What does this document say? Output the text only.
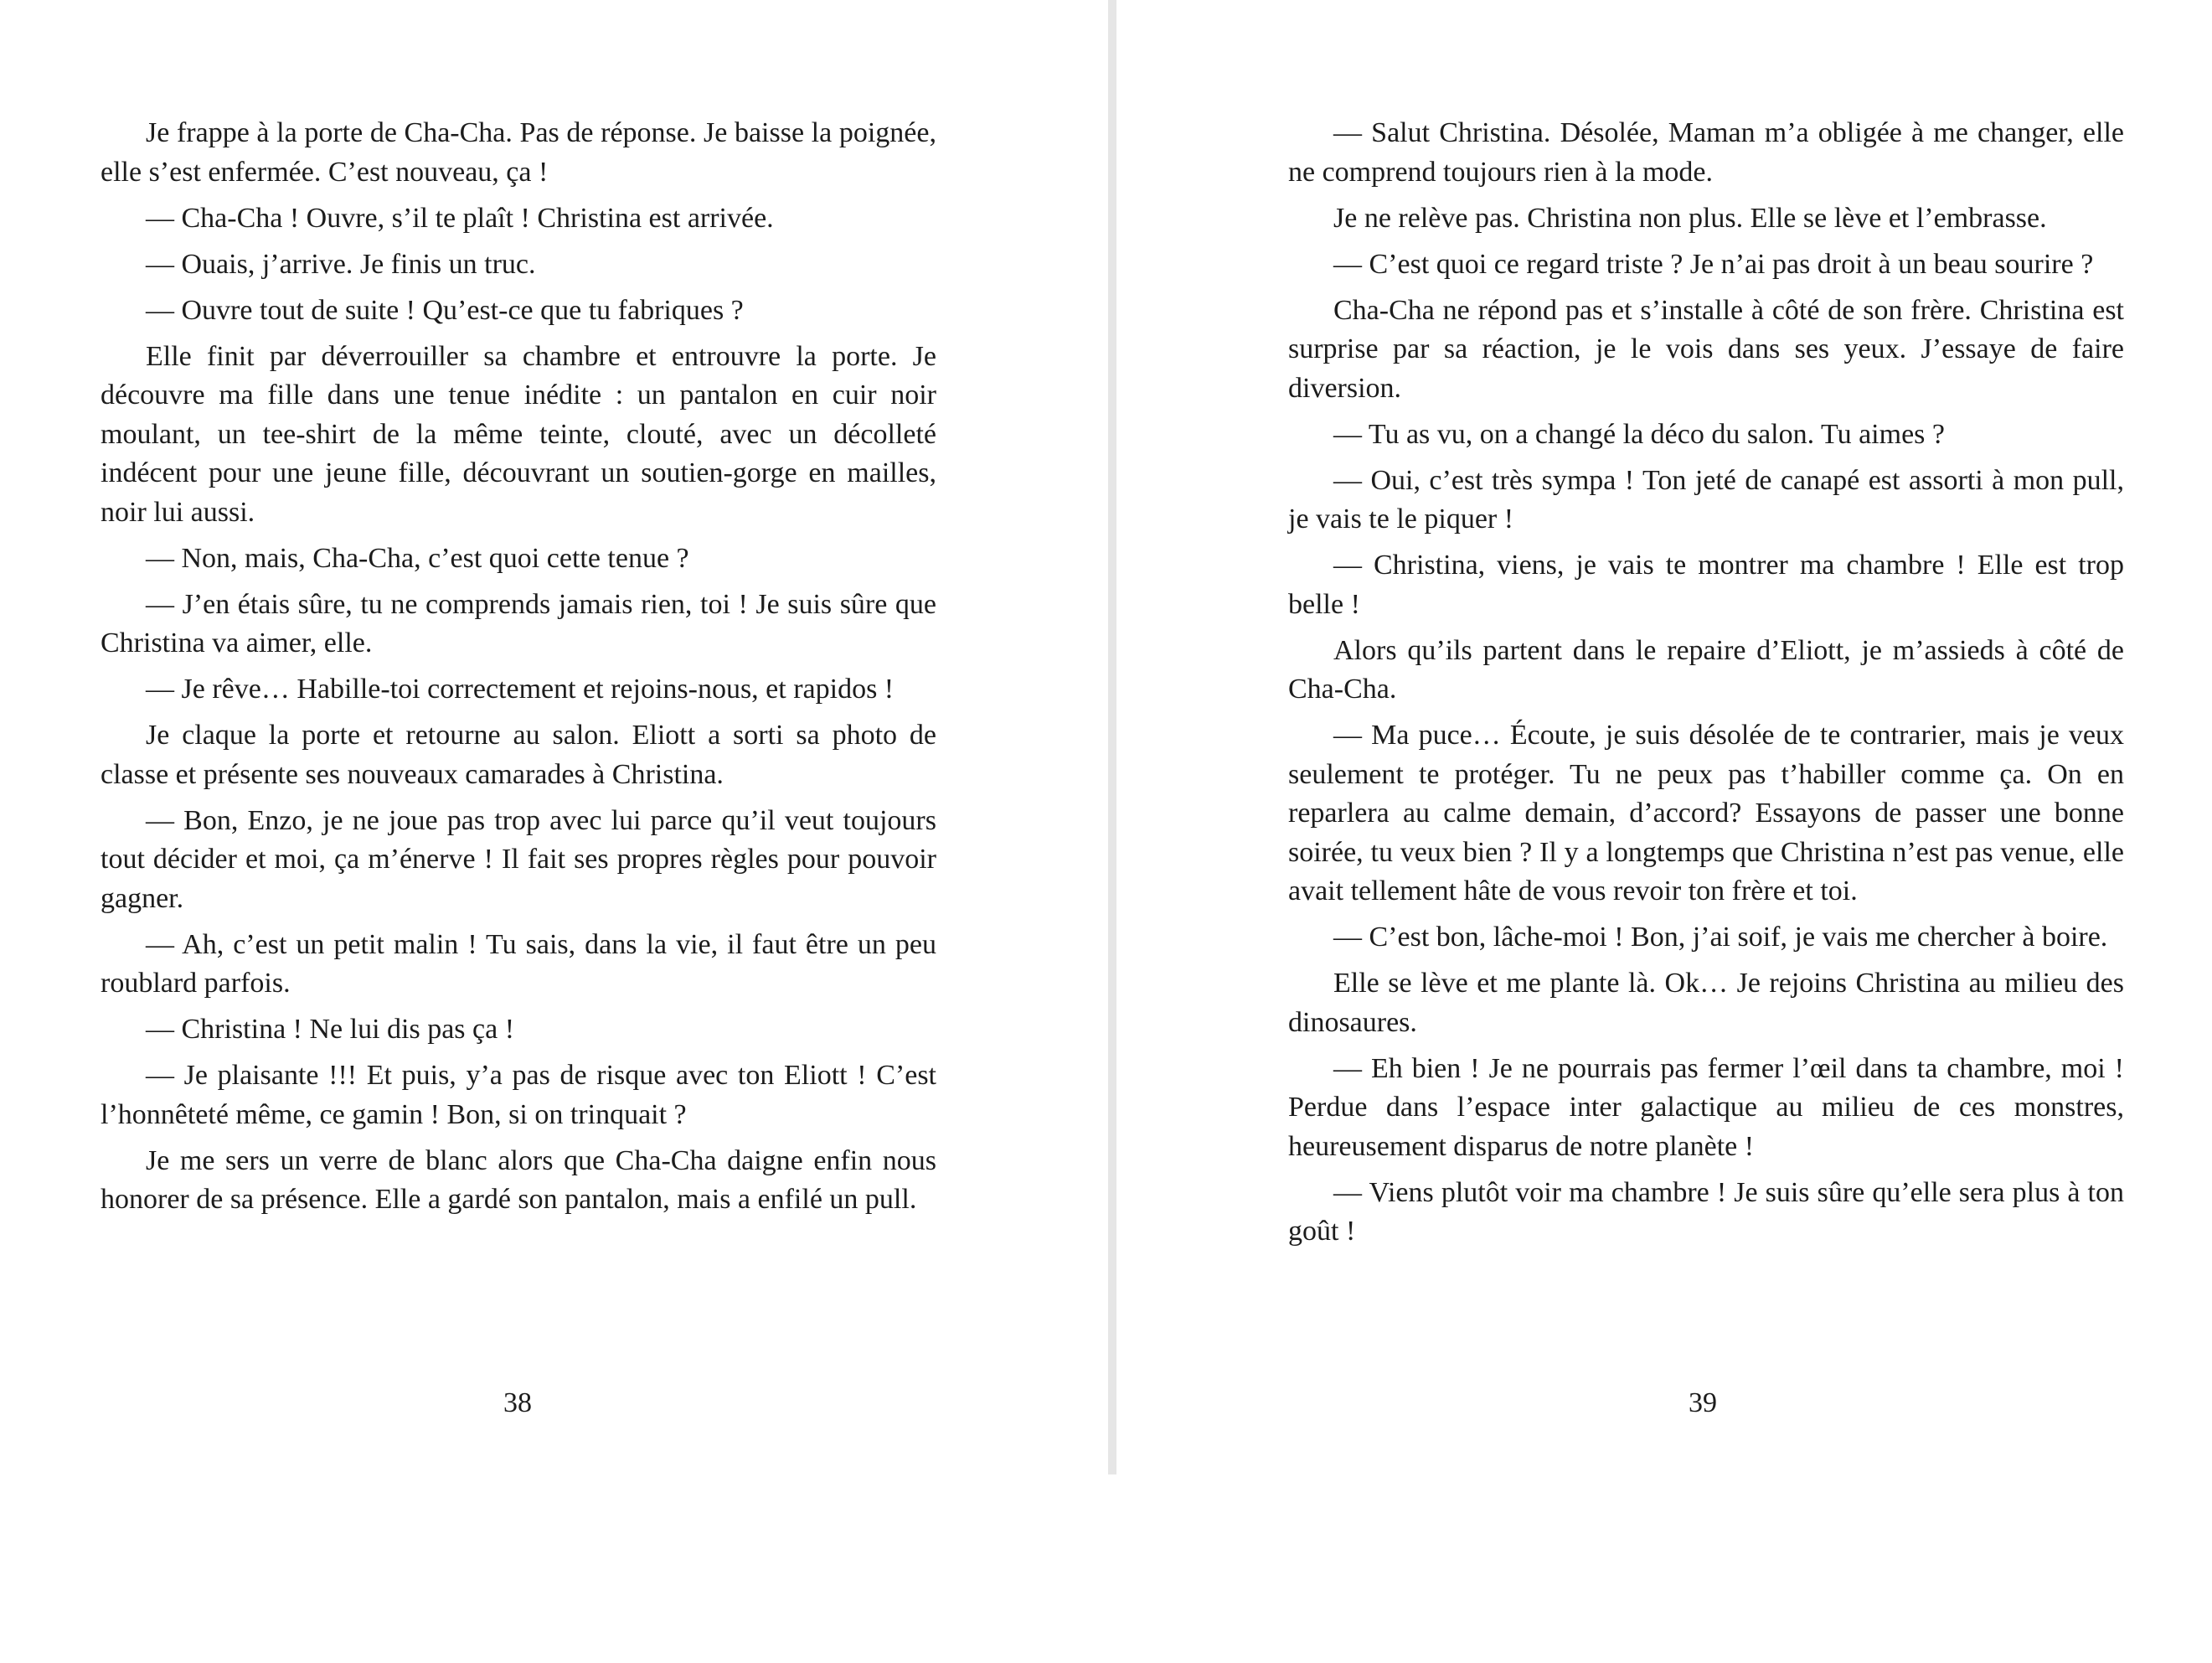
Je frappe à la porte de Cha-Cha. Pas de réponse. Je baisse la poignée, elle s’est enfermée. C’est nouveau, ça !

— Cha-Cha ! Ouvre, s’il te plaît ! Christina est arrivée.

— Ouais, j’arrive. Je finis un truc.

— Ouvre tout de suite ! Qu’est-ce que tu fabriques ?

Elle finit par déverrouiller sa chambre et entrouvre la porte. Je découvre ma fille dans une tenue inédite : un pantalon en cuir noir moulant, un tee-shirt de la même teinte, clouté, avec un décolleté indécent pour une jeune fille, découvrant un soutien-gorge en mailles, noir lui aussi.

— Non, mais, Cha-Cha, c’est quoi cette tenue ?

— J’en étais sûre, tu ne comprends jamais rien, toi ! Je suis sûre que Christina va aimer, elle.

— Je rêve… Habille-toi correctement et rejoins-nous, et rapidos !

Je claque la porte et retourne au salon. Eliott a sorti sa photo de classe et présente ses nouveaux camarades à Christina.

— Bon, Enzo, je ne joue pas trop avec lui parce qu’il veut toujours tout décider et moi, ça m’énerve ! Il fait ses propres règles pour pouvoir gagner.

— Ah, c’est un petit malin ! Tu sais, dans la vie, il faut être un peu roublard parfois.

— Christina ! Ne lui dis pas ça !

— Je plaisante !!! Et puis, y’a pas de risque avec ton Eliott ! C’est l’honnêteté même, ce gamin ! Bon, si on trinquait ?

Je me sers un verre de blanc alors que Cha-Cha daigne enfin nous honorer de sa présence. Elle a gardé son pantalon, mais a enfilé un pull.

38

— Salut Christina. Désolée, Maman m’a obligée à me changer, elle ne comprend toujours rien à la mode.

Je ne relève pas. Christina non plus. Elle se lève et l’embrasse.

— C’est quoi ce regard triste ? Je n’ai pas droit à un beau sourire ?

Cha-Cha ne répond pas et s’installe à côté de son frère. Christina est surprise par sa réaction, je le vois dans ses yeux. J’essaye de faire diversion.

— Tu as vu, on a changé la déco du salon. Tu aimes ?

— Oui, c’est très sympa ! Ton jeté de canapé est assorti à mon pull, je vais te le piquer !

— Christina, viens, je vais te montrer ma chambre ! Elle est trop belle !

Alors qu’ils partent dans le repaire d’Eliott, je m’assieds à côté de Cha-Cha.

— Ma puce… Écoute, je suis désolée de te contrarier, mais je veux seulement te protéger. Tu ne peux pas t’habiller comme ça. On en reparlera au calme demain, d’accord? Essayons de passer une bonne soirée, tu veux bien ? Il y a longtemps que Christina n’est pas venue, elle avait tellement hâte de vous revoir ton frère et toi.

— C’est bon, lâche-moi ! Bon, j’ai soif, je vais me chercher à boire.

Elle se lève et me plante là. Ok… Je rejoins Christina au milieu des dinosaures.

— Eh bien ! Je ne pourrais pas fermer l’œil dans ta chambre, moi ! Perdue dans l’espace inter galactique au milieu de ces monstres, heureusement disparus de notre planète !

— Viens plutôt voir ma chambre ! Je suis sûre qu’elle sera plus à ton goût !

39
